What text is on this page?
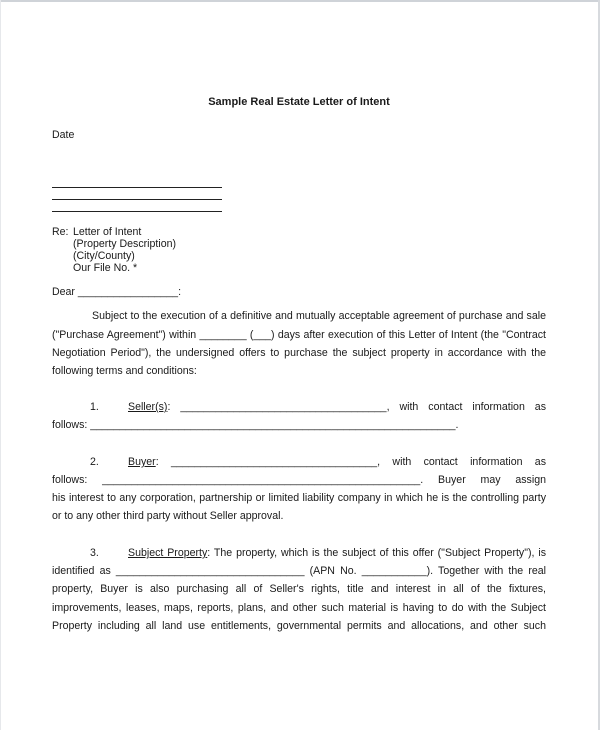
Sample Real Estate Letter of Intent
Date
Re: Letter of Intent
(Property Description)
(City/County)
Our File No. *
Dear _________________:
Subject to the execution of a definitive and mutually acceptable agreement of purchase and sale
("Purchase Agreement") within ________ (___) days after execution of this Letter of Intent (the "Contract
Negotiation Period"), the undersigned offers to purchase the subject property in accordance with the
following terms and conditions:
1.	Seller(s): ___________________________________, with contact information as
follows: ______________________________________________________________.
2.	Buyer: ___________________________________, with contact information as
follows: ______________________________________________________. Buyer may assign
his interest to any corporation, partnership or limited liability company in which he is the controlling party
or to any other third party without Seller approval.
3.	Subject Property: The property, which is the subject of this offer ("Subject Property"), is
identified as ________________________________ (APN No. ___________). Together with the real
property, Buyer is also purchasing all of Seller's rights, title and interest in all of the fixtures,
improvements, leases, maps, reports, plans, and other such material is having to do with the Subject
Property including all land use entitlements, governmental permits and allocations, and other such
